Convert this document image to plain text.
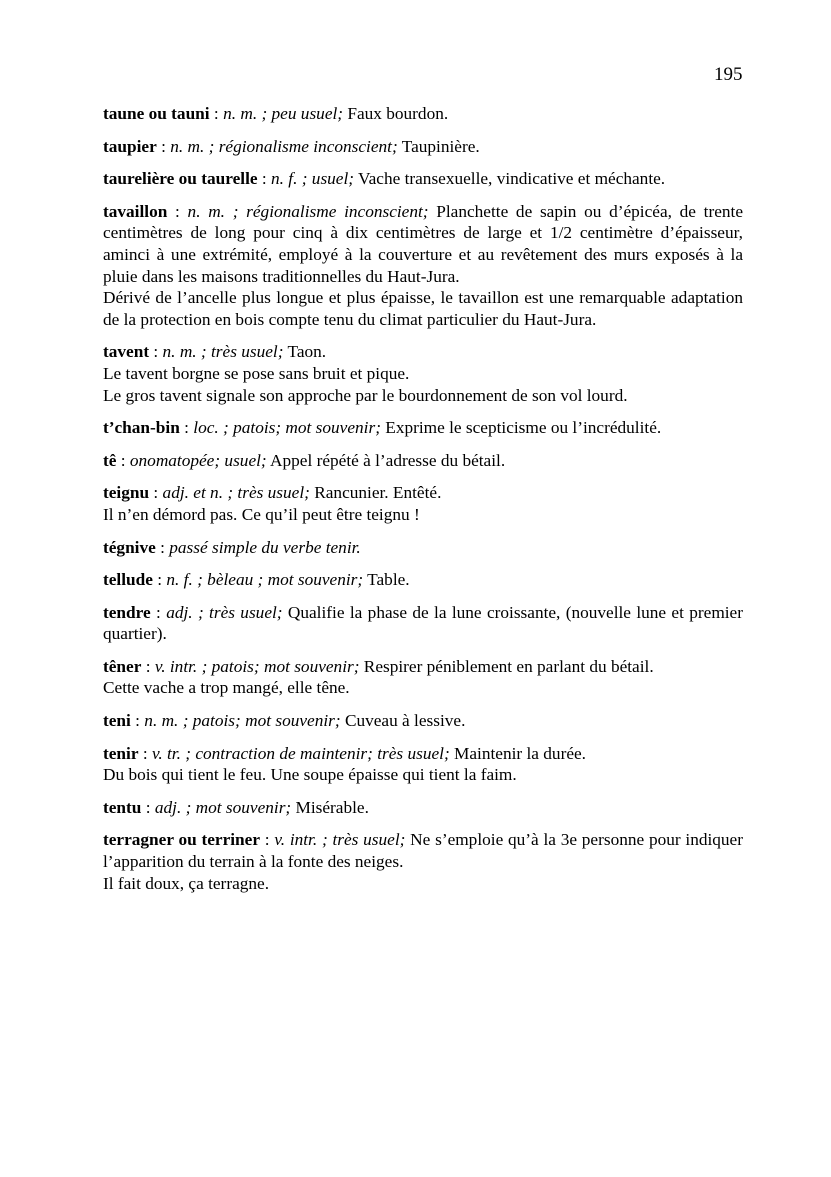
195

taune ou tauni : n. m. ; peu usuel; Faux bourdon.

taupier : n. m. ; régionalisme inconscient; Taupinière.

taurelière ou taurelle : n. f. ; usuel; Vache transexuelle, vindicative et méchante.

tavaillon : n. m. ; régionalisme inconscient; Planchette de sapin ou d’épicéa, de trente centimètres de long pour cinq à dix centimètres de large et 1/2 centimètre d’épaisseur, aminci à une extrémité, employé à la couverture et au revêtement des murs exposés à la pluie dans les maisons traditionnelles du Haut-Jura.

Dérivé de l’ancelle plus longue et plus épaisse, le tavaillon est une remarquable adaptation de la protection en bois compte tenu du climat particulier du Haut-Jura.

tavent : n. m. ; très usuel; Taon.

Le tavent borgne se pose sans bruit et pique.
Le gros tavent signale son approche par le bourdonnement de son vol lourd.

t’chan-bin : loc. ; patois; mot souvenir; Exprime le scepticisme ou l’incrédulité.

tê : onomatopée; usuel; Appel répété à l’adresse du bétail.

teignu : adj. et n. ; très usuel; Rancunier. Entêté.

Il n’en démord pas. Ce qu’il peut être teignu !

tégnive : passé simple du verbe tenir.

tellude : n. f. ; bèleau ; mot souvenir; Table.

tendre : adj. ; très usuel; Qualifie la phase de la lune croissante, (nouvelle lune et premier quartier).

têner : v. intr. ; patois; mot souvenir; Respirer péniblement en parlant du bétail.

Cette vache a trop mangé, elle têne.

teni : n. m. ; patois; mot souvenir; Cuveau à lessive.

tenir : v. tr. ; contraction de maintenir; très usuel; Maintenir la durée.

Du bois qui tient le feu. Une soupe épaisse qui tient la faim.

tentu : adj. ; mot souvenir; Misérable.

terragner ou terriner : v. intr. ; très usuel; Ne s’emploie qu’à la 3e personne pour indiquer l’apparition du terrain à la fonte des neiges.

Il fait doux, ça terragne.
